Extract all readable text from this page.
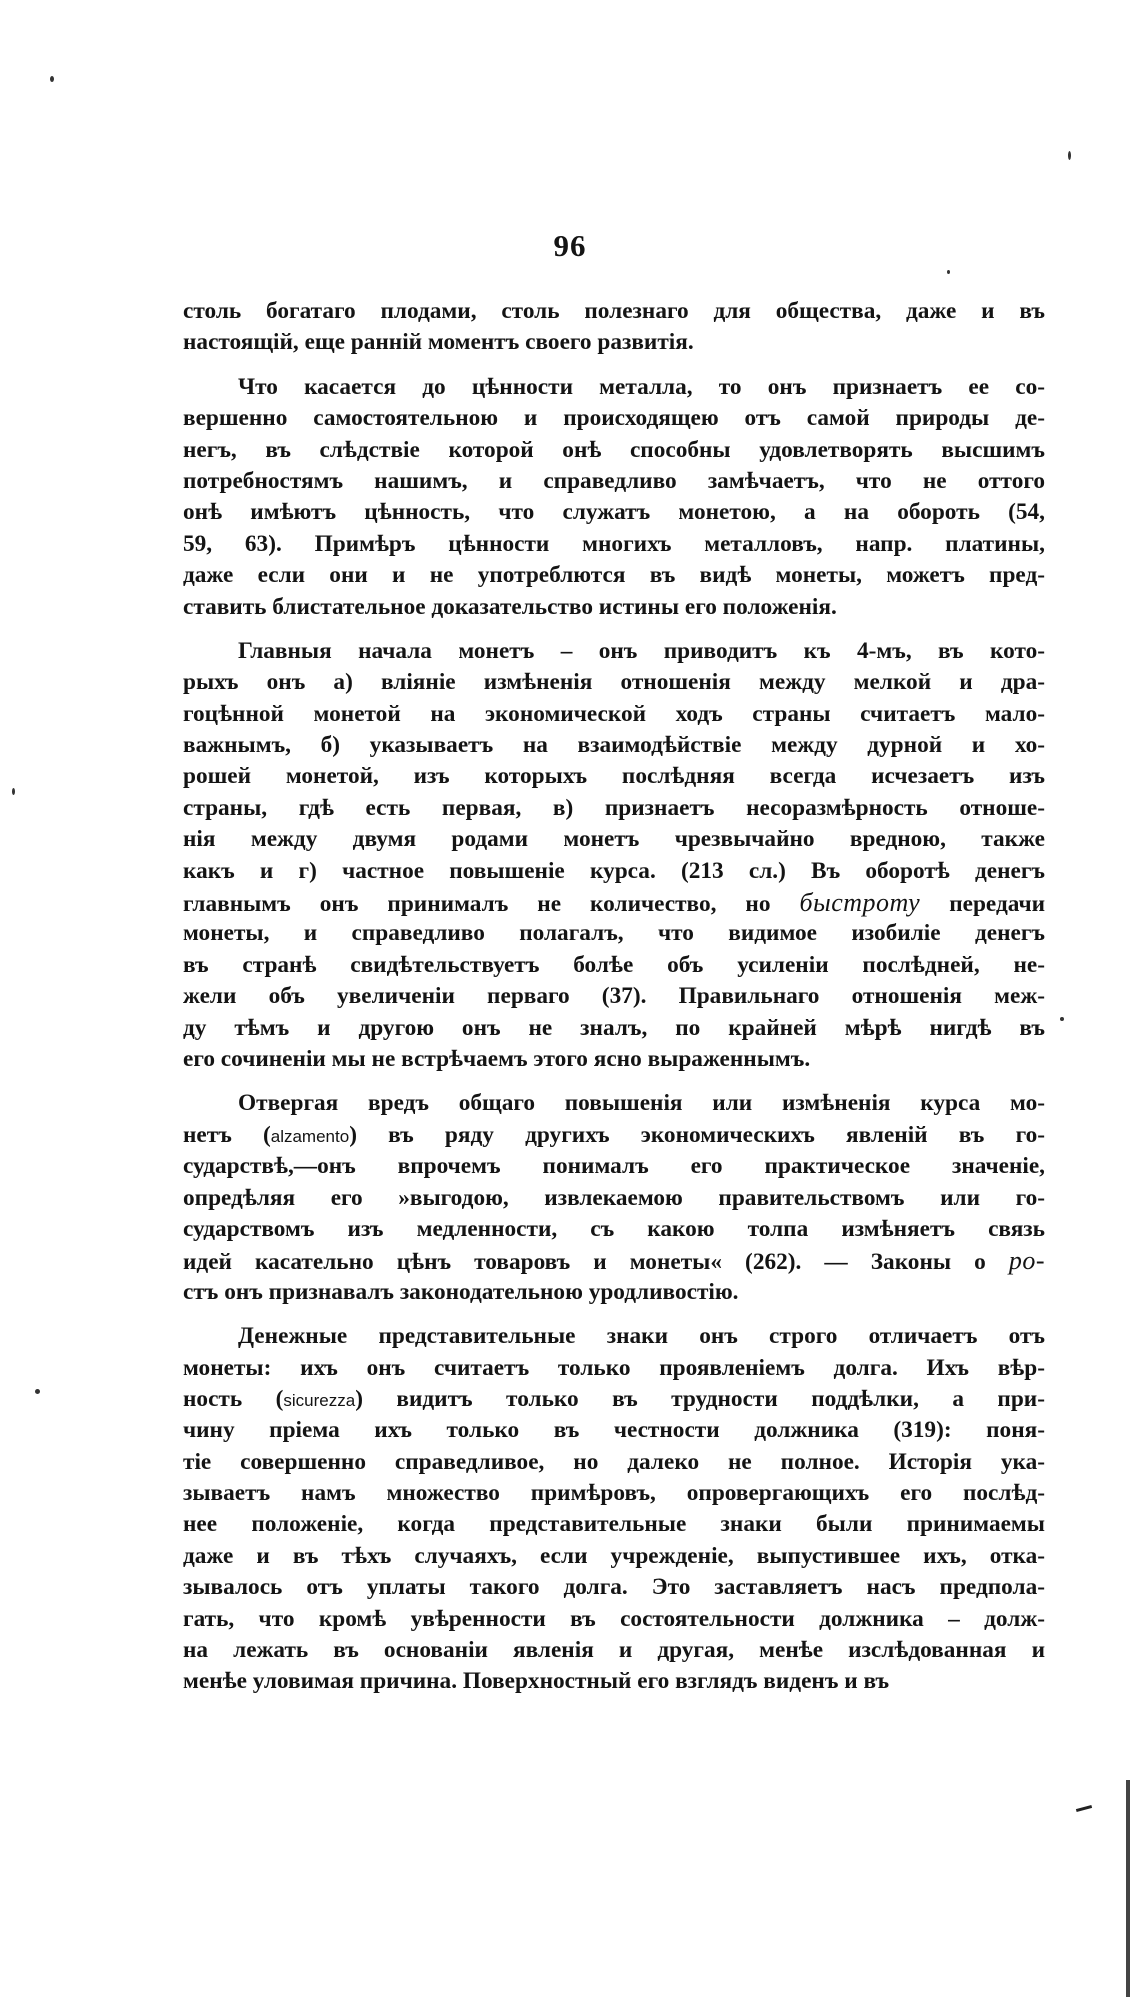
96
столь богатаго плодами, столь полезнаго для общества, даже и въ
настоящій, еще ранній моментъ своего развитія.
Что касается до цѣнности металла, то онъ признаетъ ее со-
вершенно самостоятельною и происходящею отъ самой природы де-
негъ, въ слѣдствіе которой онѣ способны удовлетворять высшимъ
потребностямъ нашимъ, и справедливо замѣчаетъ, что не оттого
онѣ имѣютъ цѣнность, что служатъ монетою, а на обороть (54,
59, 63). Примѣръ цѣнности многихъ металловъ, напр. платины,
даже если они и не употреблются въ видѣ монеты, можетъ пред-
ставить блистательное доказательство истины его положенія.
Главныя начала монетъ – онъ приводитъ къ 4-мъ, въ кото-
рыхъ онъ а) вліяніе измѣненія отношенія между мелкой и дра-
гоцѣнной монетой на экономической ходъ страны считаетъ мало-
важнымъ, б) указываетъ на взаимодѣйствіе между дурной и хо-
рошей монетой, изъ которыхъ послѣдняя всегда исчезаетъ изъ
страны, гдѣ есть первая, в) признаетъ несоразмѣрность отноше-
нія между двумя родами монетъ чрезвычайно вредною, также
какъ и г) частное повышеніе курса. (213 сл.) Въ оборотѣ денегъ
главнымъ онъ принималъ не количество, но быстроту передачи
монеты, и справедливо полагалъ, что видимое изобиліе денегъ
въ странѣ свидѣтельствуетъ болѣе объ усиленіи послѣдней, не-
жели объ увеличеніи перваго (37). Правильнаго отношенія меж-
ду тѣмъ и другою онъ не зналъ, по крайней мѣрѣ нигдѣ въ
его сочиненіи мы не встрѣчаемъ этого ясно выраженнымъ.
Отвергая вредъ общаго повышенія или измѣненія курса мо-
нетъ (alzamento) въ ряду другихъ экономическихъ явленій въ го-
сударствѣ,—онъ впрочемъ понималъ его практическое значеніе,
опредѣляя его »выгодою, извлекаемою правительствомъ или го-
сударствомъ изъ медленности, съ какою толпа измѣняетъ связь
идей касательно цѣнъ товаровъ и монеты« (262). — Законы о ро-
стъ онъ признавалъ законодательною уродливостію.
Денежные представительные знаки онъ строго отличаетъ отъ
монеты: ихъ онъ считаетъ только проявленіемъ долга. Ихъ вѣр-
ность (sicurezza) видитъ только въ трудности поддѣлки, а при-
чину пріема ихъ только въ честности должника (319): поня-
тіе совершенно справедливое, но далеко не полное. Исторія ука-
зываетъ намъ множество примѣровъ, опровергающихъ его послѣд-
нее положеніе, когда представительные знаки были принимаемы
даже и въ тѣхъ случаяхъ, если учрежденіе, выпустившее ихъ, отка-
зывалось отъ уплаты такого долга. Это заставляетъ насъ предпола-
гать, что кромѣ увѣренности въ состоятельности должника – долж-
на лежать въ основаніи явленія и другая, менѣе изслѣдованная и
менѣе уловимая причина. Поверхностный его взглядъ виденъ и въ
